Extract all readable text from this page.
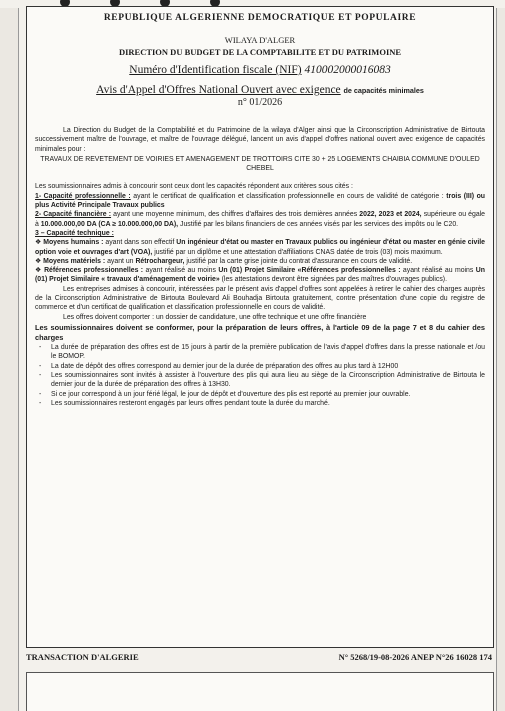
REPUBLIQUE ALGERIENNE DEMOCRATIQUE ET POPULAIRE
WILAYA D'ALGER
DIRECTION DU BUDGET DE LA COMPTABILITE ET DU PATRIMOINE
Numéro d'Identification fiscale (NIF) 410002000016083
Avis d'Appel d'Offres National Ouvert avec exigence de capacités minimales
n° 01/2026
La Direction du Budget de la Comptabilité et du Patrimoine de la wilaya d'Alger ainsi que la Circonscription Administrative de Birtouta successivement maître de l'ouvrage, et maître de l'ouvrage délégué, lancent un avis d'appel d'offres national ouvert avec exigence de capacités minimales pour :
TRAVAUX DE REVETEMENT DE VOIRIES ET AMENAGEMENT DE TROTTOIRS CITE 30 + 25 LOGEMENTS CHAIBIA COMMUNE D'OULED CHEBEL
Les soumissionnaires admis à concourir sont ceux dont les capacités répondent aux critères sous cités :
1- Capacité professionnelle : ayant le certificat de qualification et classification professionnelle en cours de validité de catégorie : trois (III) ou plus Activité Principale Travaux publics
2- Capacité financière : ayant une moyenne minimum, des chiffres d'affaires des trois dernières années 2022, 2023 et 2024, supérieure ou égale à 10.000.000,00 DA (CA ≥ 10.000.000,00 DA), Justifié par les bilans financiers de ces années visés par les services des impôts ou le C20.
3 – Capacité technique :
❖ Moyens humains : ayant dans son effectif Un ingénieur d'état ou master en Travaux publics ou ingénieur d'état ou master en génie civile option voie et ouvrages d'art (VOA), justifié par un diplôme et une attestation d'affiliations CNAS datée de trois (03) mois maximum.
❖ Moyens matériels : ayant un Rétrochargeur, justifié par la carte grise jointe du contrat d'assurance en cours de validité.
❖ Références professionnelles : ayant réalisé au moins Un (01) Projet Similaire «Références professionnelles : ayant réalisé au moins Un (01) Projet Similaire « travaux d'aménagement de voirie» (les attestations devront être signées par des maîtres d'ouvrages publics).
Les entreprises admises à concourir, intéressées par le présent avis d'appel d'offres sont appelées à retirer le cahier des charges auprès de la Circonscription Administrative de Birtouta Boulevard Ali Bouhadja Birtouta gratuitement, contre présentation d'une copie du registre de commerce et d'un certificat de qualification et classification professionnelle en cours de validité.
Les offres doivent comporter : un dossier de candidature, une offre technique et une offre financière
Les soumissionnaires doivent se conformer, pour la préparation de leurs offres, à l'article 09 de la page 7 et 8 du cahier des charges
- La durée de préparation des offres est de 15 jours à partir de la première publication de l'avis d'appel d'offres dans la presse nationale et /ou le BOMOP.
- La date de dépôt des offres correspond au dernier jour de la durée de préparation des offres au plus tard à 12H00
- Les soumissionnaires sont invités à assister à l'ouverture des plis qui aura lieu au siège de la Circonscription Administrative de Birtouta le dernier jour de la durée de préparation des offres à 13H30.
- Si ce jour correspond à un jour férié légal, le jour de dépôt et d'ouverture des plis est reporté au premier jour ouvrable.
- Les soumissionnaires resteront engagés par leurs offres pendant toute la durée du marché.
TRANSACTION D'ALGERIE	N° 5268/19-08-2026 ANEP N°26 16028 174
